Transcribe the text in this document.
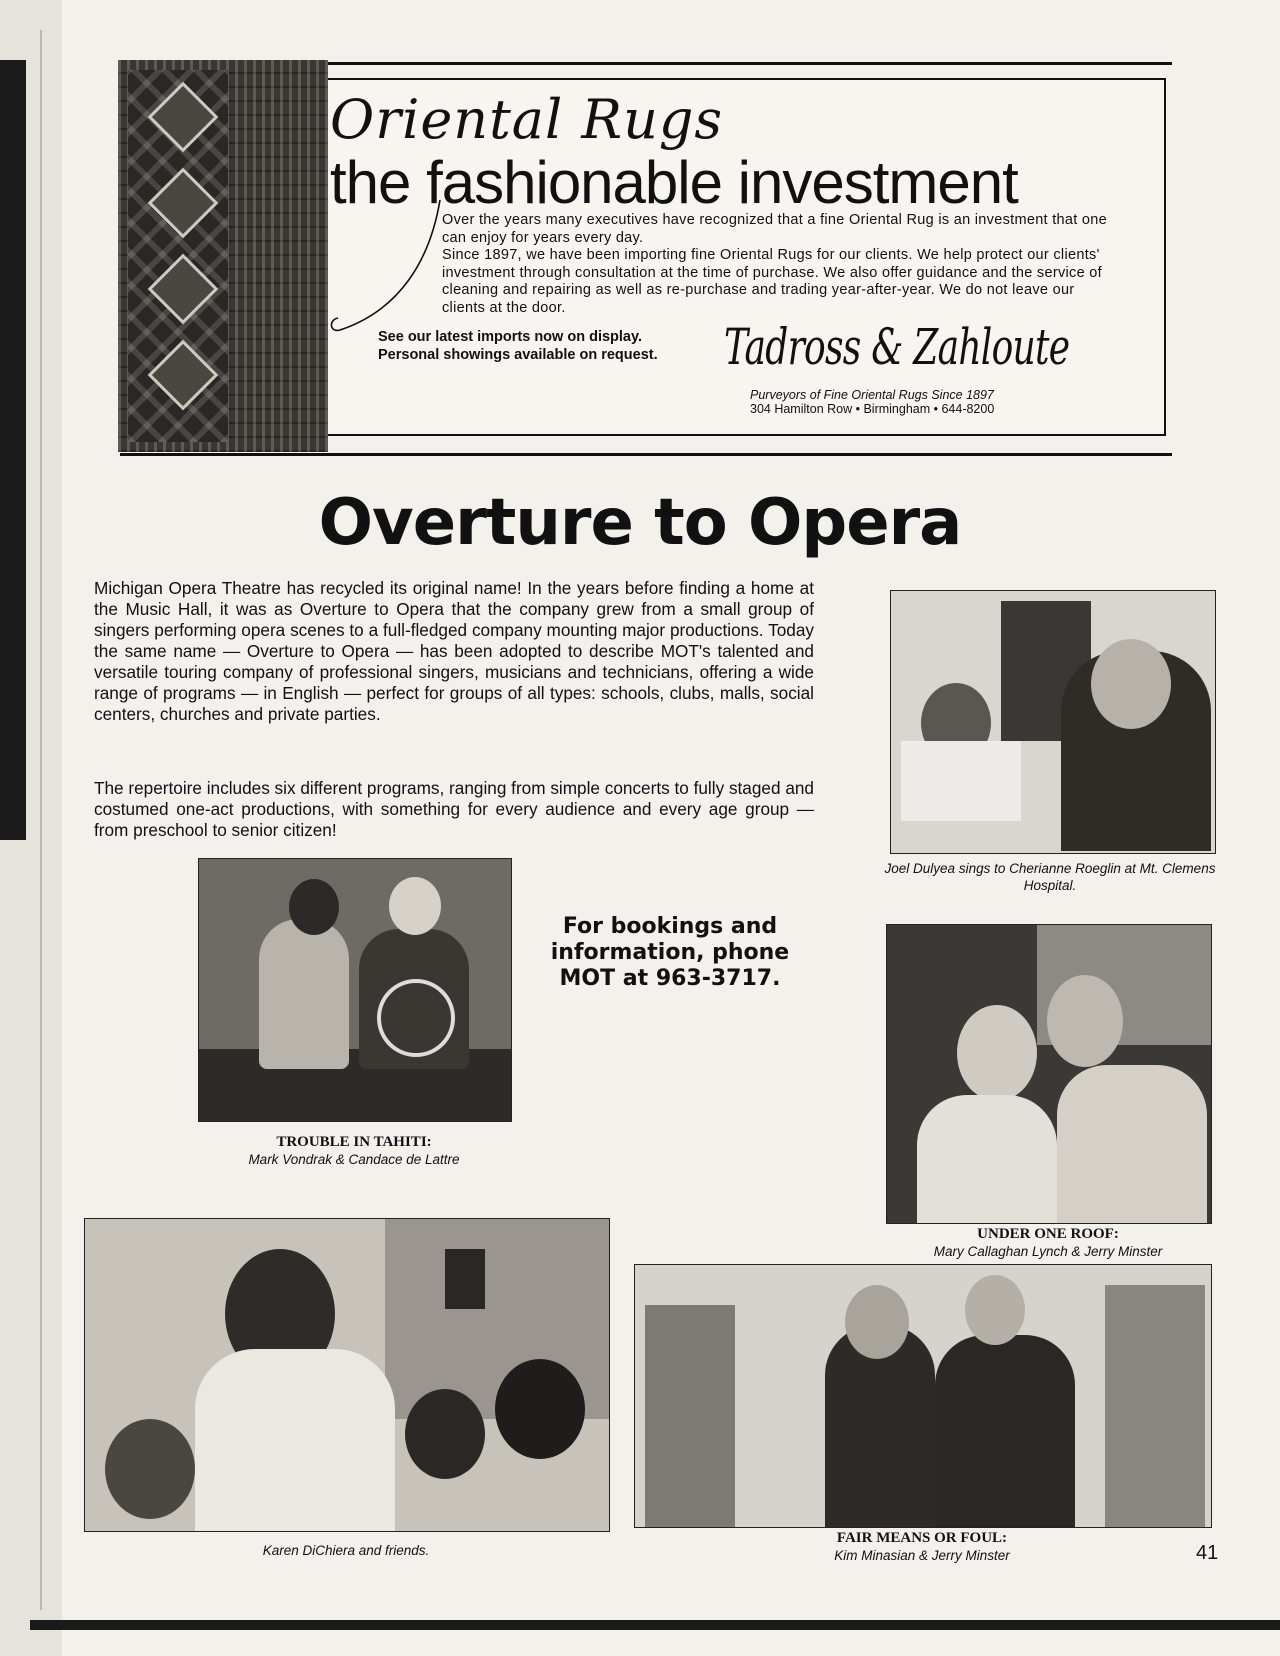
Oriental Rugs
the fashionable investment

Over the years many executives have recognized that a fine Oriental Rug is an investment that one can enjoy for years every day.

Since 1897, we have been importing fine Oriental Rugs for our clients. We help protect our clients' investment through consultation at the time of purchase. We also offer guidance and the service of cleaning and repairing as well as re-purchase and trading year-after-year. We do not leave our clients at the door.

See our latest imports now on display.
Personal showings available on request. Tadross & Zahloute
Purveyors of Fine Oriental Rugs Since 1897
304 Hamilton Row • Birmingham • 644-8200
Overture to Opera

Michigan Opera Theatre has recycled its original name! In the years before finding a home at the Music Hall, it was as Overture to Opera that the company grew from a small group of singers performing opera scenes to a full-fledged company mounting major productions. Today the same name — Overture to Opera — has been adopted to describe MOT's talented and versatile touring company of professional singers, musicians and technicians, offering a wide range of programs — in English — perfect for groups of all types: schools, clubs, malls, social centers, churches and private parties.

The repertoire includes six different programs, ranging from simple concerts to fully staged and costumed one-act productions, with something for every audience and every age group — from preschool to senior citizen!

Joel Dulyea sings to Cherianne Roeglin at Mt. Clemens Hospital.
TROUBLE IN TAHITI:
Mark Vondrak & Candace de Lattre
For bookings and information, phone MOT at 963-3717.
UNDER ONE ROOF:
Mary Callaghan Lynch & Jerry Minster
Karen DiChiera and friends.
FAIR MEANS OR FOUL:
Kim Minasian & Jerry Minster	41
